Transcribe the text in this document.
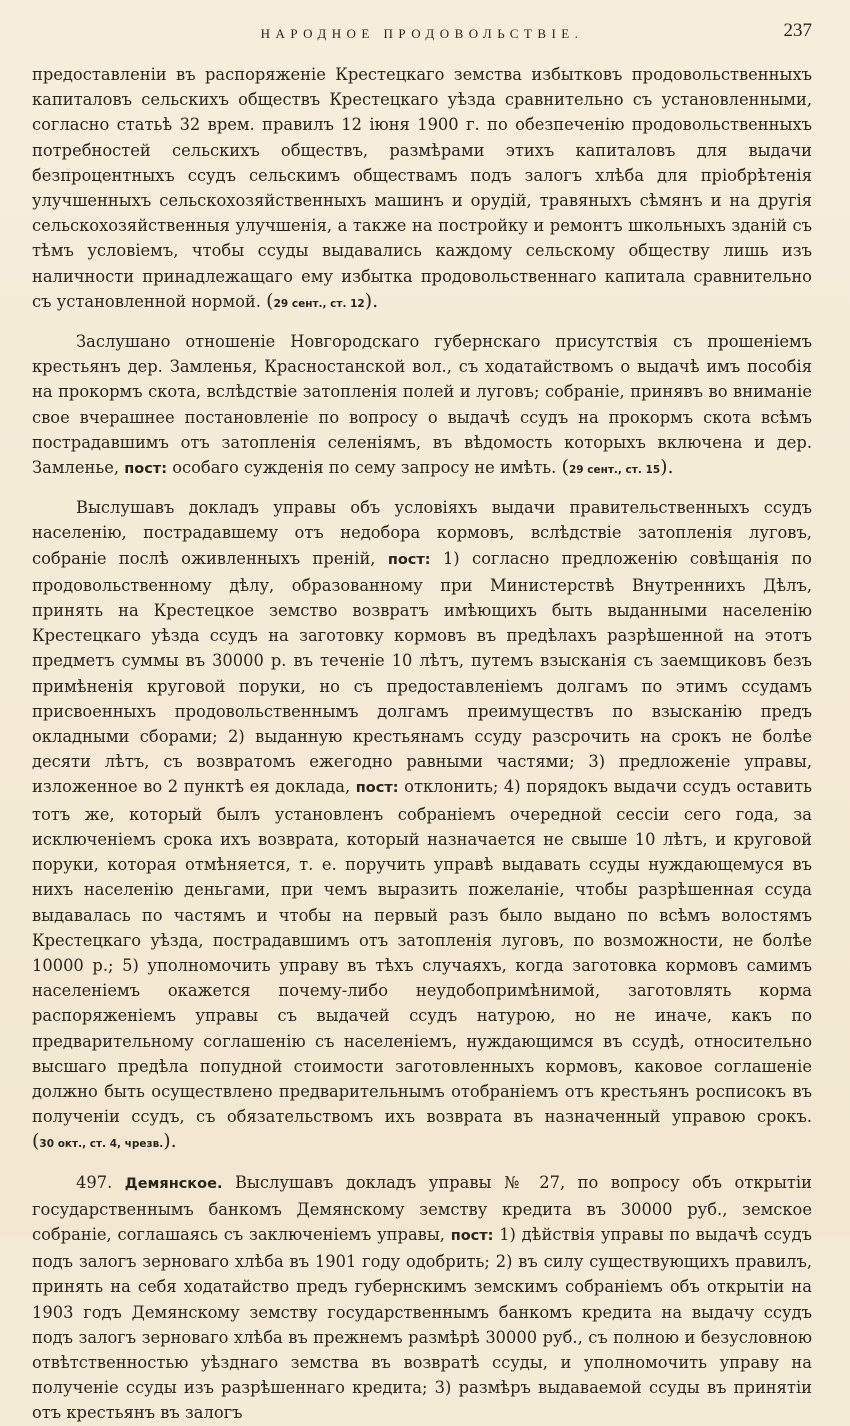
НАРОДНОЕ ПРОДОВОЛЬСТВІЕ.	237

предоставленіи въ распоряженіе Крестецкаго земства избытковъ продовольственныхъ капиталовъ сельскихъ обществъ Крестецкаго уѣзда сравнительно съ установленными, согласно статьѣ 32 врем. правилъ 12 іюня 1900 г. по обезпеченію продовольственныхъ потребностей сельскихъ обществъ, размѣрами этихъ капиталовъ для выдачи безпроцентныхъ ссудъ сельскимъ обществамъ подъ залогъ хлѣба для пріобрѣтенія улучшенныхъ сельскохозяйственныхъ машинъ и орудій, травяныхъ сѣмянъ и на другія сельскохозяйственныя улучшенія, а также на постройку и ремонтъ школьныхъ зданій съ тѣмъ условіемъ, чтобы ссуды выдавались каждому сельскому обществу лишь изъ наличности принадлежащаго ему избытка продовольственнаго капитала сравнительно съ установленной нормой. (29 сент., ст. 12).

Заслушано отношеніе Новгородскаго губернскаго присутствія съ прошеніемъ крестьянъ дер. Замленья, Красностанской вол., съ ходатайствомъ о выдачѣ имъ пособія на прокормъ скота, вслѣдствіе затопленія полей и луговъ; собраніе, принявъ во вниманіе свое вчерашнее постановленіе по вопросу о выдачѣ ссудъ на прокормъ скота всѣмъ пострадавшимъ отъ затопленія селеніямъ, въ вѣдомость которыхъ включена и дер. Замленье, пост: особаго сужденія по сему запросу не имѣть. (29 сент., ст. 15).

Выслушавъ докладъ управы объ условіяхъ выдачи правительственныхъ ссудъ населенію, пострадавшему отъ недобора кормовъ, вслѣдствіе затопленія луговъ, собраніе послѣ оживленныхъ преній, пост: 1) согласно предложенію совѣщанія по продовольственному дѣлу, образованному при Министерствѣ Внутреннихъ Дѣлъ, принять на Крестецкое земство возвратъ имѣющихъ быть выданными населенію Крестецкаго уѣзда ссудъ на заготовку кормовъ въ предѣлахъ разрѣшенной на этотъ предметъ суммы въ 30000 р. въ теченіе 10 лѣтъ, путемъ взысканія съ заемщиковъ безъ примѣненія круговой поруки, но съ предоставленіемъ долгамъ по этимъ ссудамъ присвоенныхъ продовольственнымъ долгамъ преимуществъ по взысканію предъ окладными сборами; 2) выданную крестьянамъ ссуду разсрочить на срокъ не болѣе десяти лѣтъ, съ возвратомъ ежегодно равными частями; 3) предложеніе управы, изложенное во 2 пунктѣ ея доклада, пост: отклонить; 4) порядокъ выдачи ссудъ оставить тотъ же, который былъ установленъ собраніемъ очередной сессіи сего года, за исключеніемъ срока ихъ возврата, который назначается не свыше 10 лѣтъ, и круговой поруки, которая отмѣняется, т. е. поручить управѣ выдавать ссуды нуждающемуся въ нихъ населенію деньгами, при чемъ выразить пожеланіе, чтобы разрѣшенная ссуда выдавалась по частямъ и чтобы на первый разъ было выдано по всѣмъ волостямъ Крестецкаго уѣзда, пострадавшимъ отъ затопленія луговъ, по возможности, не болѣе 10000 р.; 5) уполномочить управу въ тѣхъ случаяхъ, когда заготовка кормовъ самимъ населеніемъ окажется почему-либо неудобопримѣнимой, заготовлять корма распоряженіемъ управы съ выдачей ссудъ натурою, но не иначе, какъ по предварительному соглашенію съ населеніемъ, нуждающимся въ ссудѣ, относительно высшаго предѣла попудной стоимости заготовленныхъ кормовъ, каковое соглашеніе должно быть осуществлено предварительнымъ отобраніемъ отъ крестьянъ росписокъ въ полученіи ссудъ, съ обязательствомъ ихъ возврата въ назначенный управою срокъ. (30 окт., ст. 4, чрезв.).

497. Демянское. Выслушавъ докладъ управы № 27, по вопросу объ открытіи государственнымъ банкомъ Демянскому земству кредита въ 30000 руб., земское собраніе, соглашаясь съ заключеніемъ управы, пост: 1) дѣйствія управы по выдачѣ ссудъ подъ залогъ зерноваго хлѣба въ 1901 году одобрить; 2) въ силу существующихъ правилъ, принять на себя ходатайство предъ губернскимъ земскимъ собраніемъ объ открытіи на 1903 годъ Демянскому земству государственнымъ банкомъ кредита на выдачу ссудъ подъ залогъ зерноваго хлѣба въ прежнемъ размѣрѣ 30000 руб., съ полною и безусловною отвѣтственностью уѣзднаго земства въ возвратѣ ссуды, и уполномочить управу на полученіе ссуды изъ разрѣшеннаго кредита; 3) размѣръ выдаваемой ссуды въ принятіи отъ крестьянъ въ залогъ
